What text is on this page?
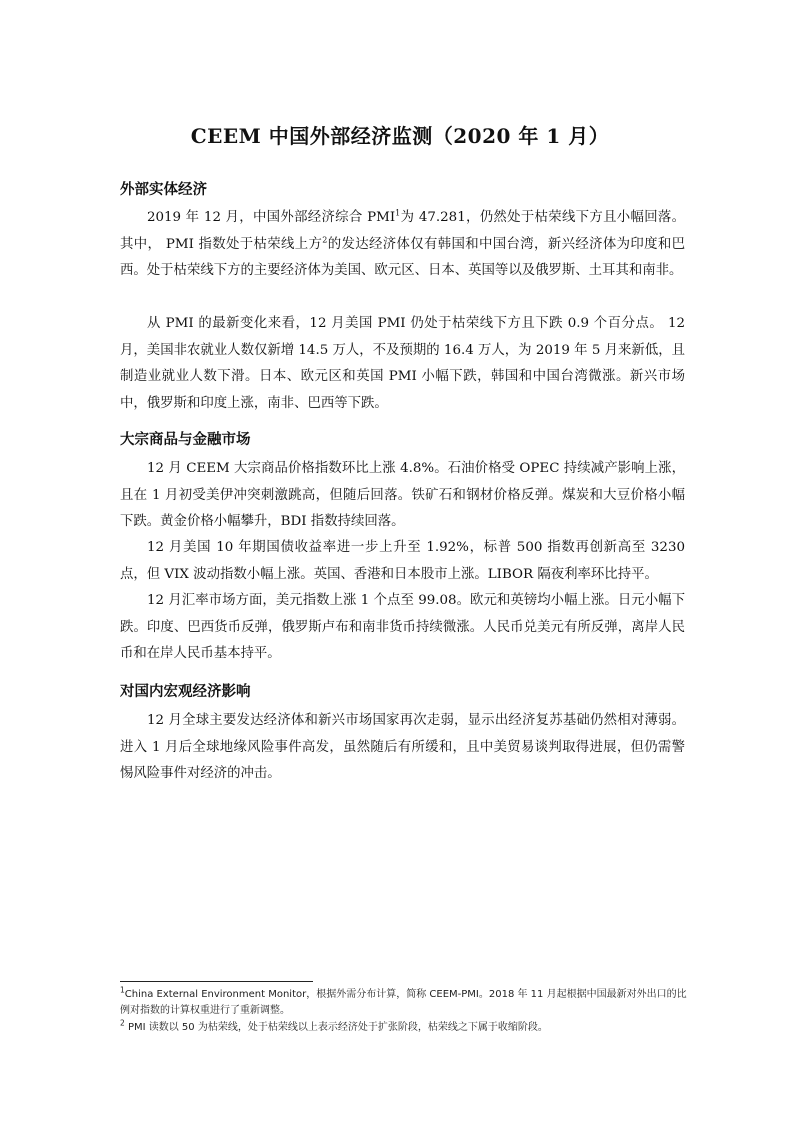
CEEM 中国外部经济监测（2020 年 1 月）
外部实体经济

2019 年 12 月，中国外部经济综合 PMI$^1$为 47.281，仍然处于枯荣线下方且小幅回落。其中， PMI 指数处于枯荣线上方$^2$的发达经济体仅有韩国和中国台湾，新兴经济体为印度和巴西。处于枯荣线下方的主要经济体为美国、欧元区、日本、英国等以及俄罗斯、土耳其和南非。

从 PMI 的最新变化来看，12 月美国 PMI 仍处于枯荣线下方且下跌 0.9 个百分点。 12 月，美国非农就业人数仅新增 14.5 万人，不及预期的 16.4 万人，为 2019 年 5 月来新低，且制造业就业人数下滑。日本、欧元区和英国 PMI 小幅下跌，韩国和中国台湾微涨。新兴市场中，俄罗斯和印度上涨，南非、巴西等下跌。

大宗商品与金融市场

12 月 CEEM 大宗商品价格指数环比上涨 4.8%。石油价格受 OPEC 持续减产影响上涨，且在 1 月初受美伊冲突刺激跳高，但随后回落。铁矿石和钢材价格反弹。煤炭和大豆价格小幅下跌。黄金价格小幅攀升，BDI 指数持续回落。

12 月美国 10 年期国债收益率进一步上升至 1.92%，标普 500 指数再创新高至 3230 点，但 VIX 波动指数小幅上涨。英国、香港和日本股市上涨。LIBOR 隔夜利率环比持平。

12 月汇率市场方面，美元指数上涨 1 个点至 99.08。欧元和英镑均小幅上涨。日元小幅下跌。印度、巴西货币反弹，俄罗斯卢布和南非货币持续微涨。人民币兑美元有所反弹，离岸人民币和在岸人民币基本持平。

对国内宏观经济影响

12 月全球主要发达经济体和新兴市场国家再次走弱，显示出经济复苏基础仍然相对薄弱。进入 1 月后全球地缘风险事件高发，虽然随后有所缓和，且中美贸易谈判取得进展，但仍需警惕风险事件对经济的冲击。

$^1$China External Environment Monitor，根据外需分布计算，简称 CEEM-PMI。2018 年 11 月起根据中国最新对外出口的比例对指数的计算权重进行了重新调整。

$^2$ PMI 读数以 50 为枯荣线，处于枯荣线以上表示经济处于扩张阶段，枯荣线之下属于收缩阶段。
